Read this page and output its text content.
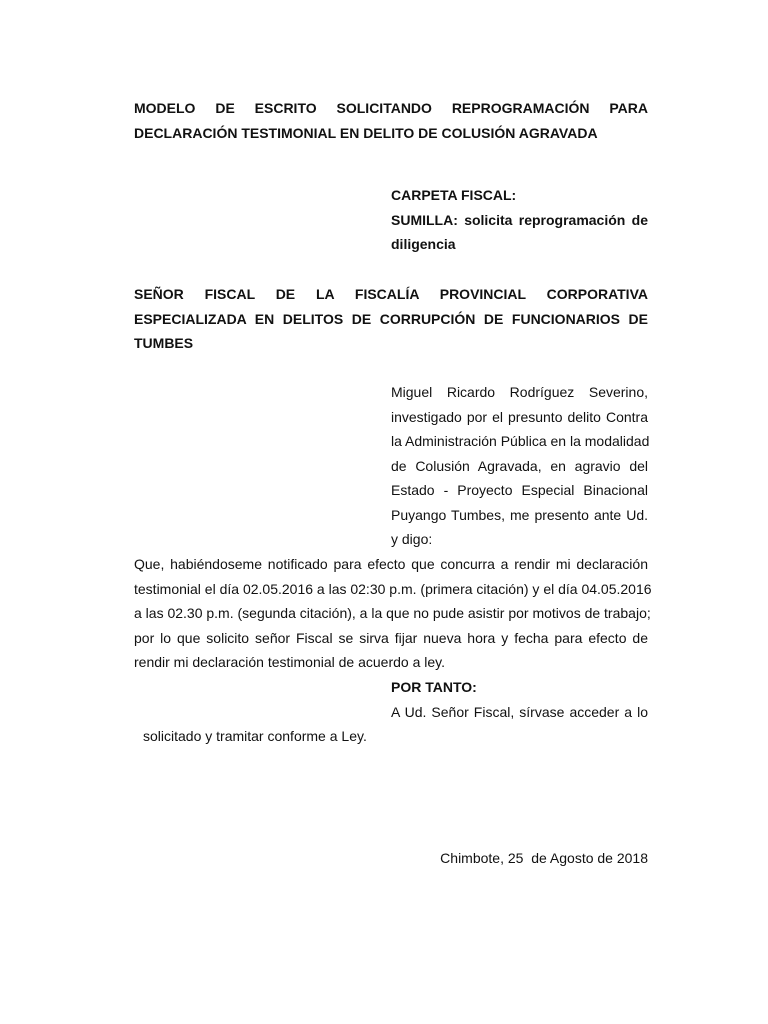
MODELO DE ESCRITO SOLICITANDO REPROGRAMACIÓN PARA
DECLARACIÓN TESTIMONIAL EN DELITO DE COLUSIÓN AGRAVADA
CARPETA FISCAL:
SUMILLA: solicita reprogramación de
diligencia
SEÑOR FISCAL DE LA FISCALÍA PROVINCIAL CORPORATIVA
ESPECIALIZADA EN DELITOS DE CORRUPCIÓN DE FUNCIONARIOS DE
TUMBES
Miguel Ricardo Rodríguez Severino,
investigado por el presunto delito Contra
la Administración Pública en la modalidad
de Colusión Agravada, en agravio del
Estado - Proyecto Especial Binacional
Puyango Tumbes, me presento ante Ud.
y digo:
Que, habiéndoseme notificado para efecto que concurra a rendir mi declaración
testimonial el día 02.05.2016 a las 02:30 p.m. (primera citación) y el día 04.05.2016
a las 02.30 p.m. (segunda citación), a la que no pude asistir por motivos de trabajo;
por lo que solicito señor Fiscal se sirva fijar nueva hora y fecha para efecto de
rendir mi declaración testimonial de acuerdo a ley.
POR TANTO:
A Ud. Señor Fiscal, sírvase acceder a lo
solicitado y tramitar conforme a Ley.
Chimbote, 25  de Agosto de 2018
